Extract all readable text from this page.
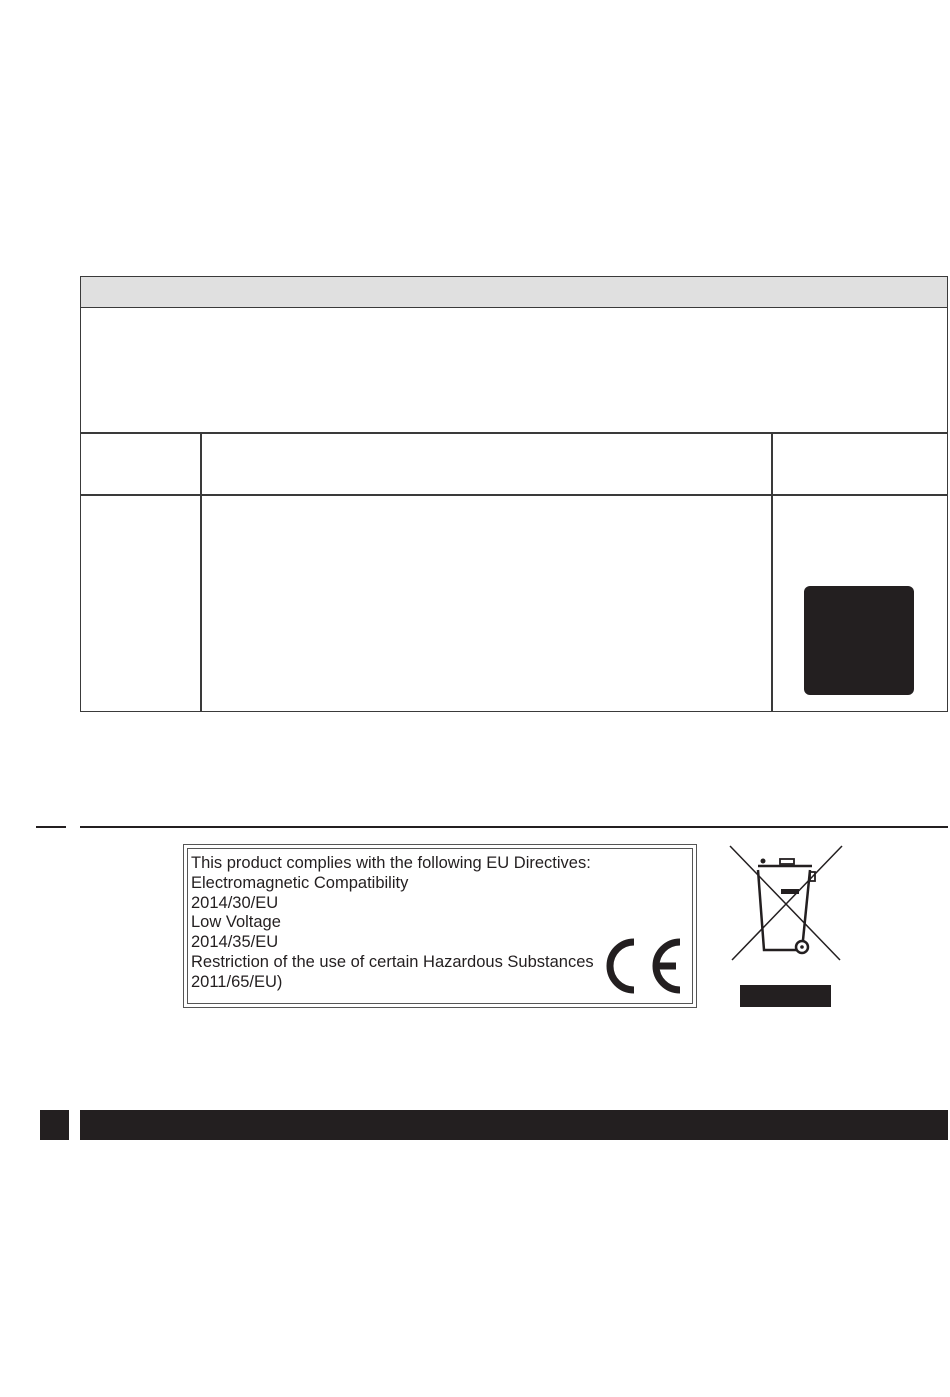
This product complies with the following EU Directives:
Electromagnetic Compatibility
2014/30/EU
Low Voltage
2014/35/EU
Restriction of the use of certain Hazardous Substances
2011/65/EU)
